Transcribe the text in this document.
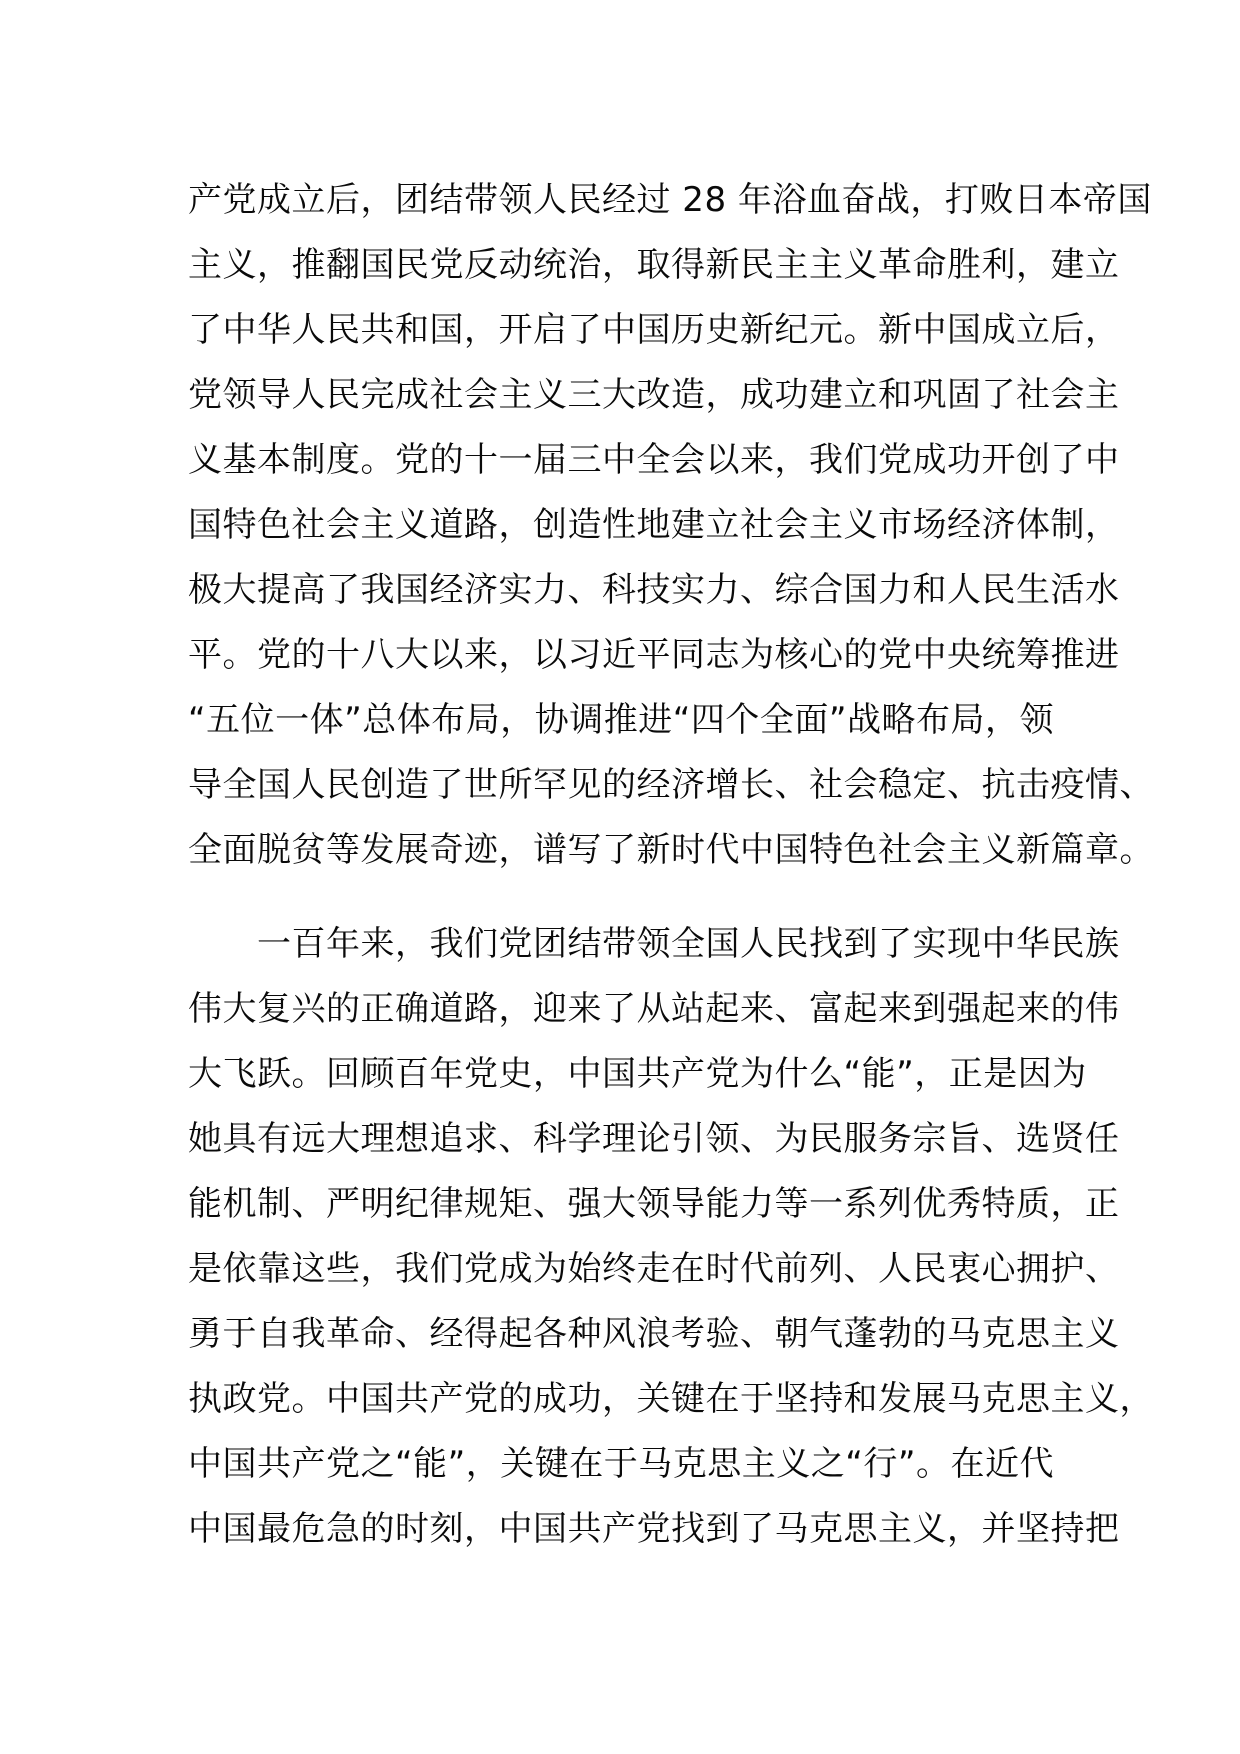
产党成立后，团结带领人民经过 28 年浴血奋战，打败日本帝国
主义，推翻国民党反动统治，取得新民主主义革命胜利，建立
了中华人民共和国，开启了中国历史新纪元。新中国成立后，
党领导人民完成社会主义三大改造，成功建立和巩固了社会主
义基本制度。党的十一届三中全会以来，我们党成功开创了中
国特色社会主义道路，创造性地建立社会主义市场经济体制，
极大提高了我国经济实力、科技实力、综合国力和人民生活水
平。党的十八大以来，以习近平同志为核心的党中央统筹推进
“五位一体”总体布局，协调推进“四个全面”战略布局，领
导全国人民创造了世所罕见的经济增长、社会稳定、抗击疫情、
全面脱贫等发展奇迹，谱写了新时代中国特色社会主义新篇章。
　　一百年来，我们党团结带领全国人民找到了实现中华民族
伟大复兴的正确道路，迎来了从站起来、富起来到强起来的伟
大飞跃。回顾百年党史，中国共产党为什么“能”，正是因为
她具有远大理想追求、科学理论引领、为民服务宗旨、选贤任
能机制、严明纪律规矩、强大领导能力等一系列优秀特质，正
是依靠这些，我们党成为始终走在时代前列、人民衷心拥护、
勇于自我革命、经得起各种风浪考验、朝气蓬勃的马克思主义
执政党。中国共产党的成功，关键在于坚持和发展马克思主义，
中国共产党之“能”，关键在于马克思主义之“行”。在近代
中国最危急的时刻，中国共产党找到了马克思主义，并坚持把
